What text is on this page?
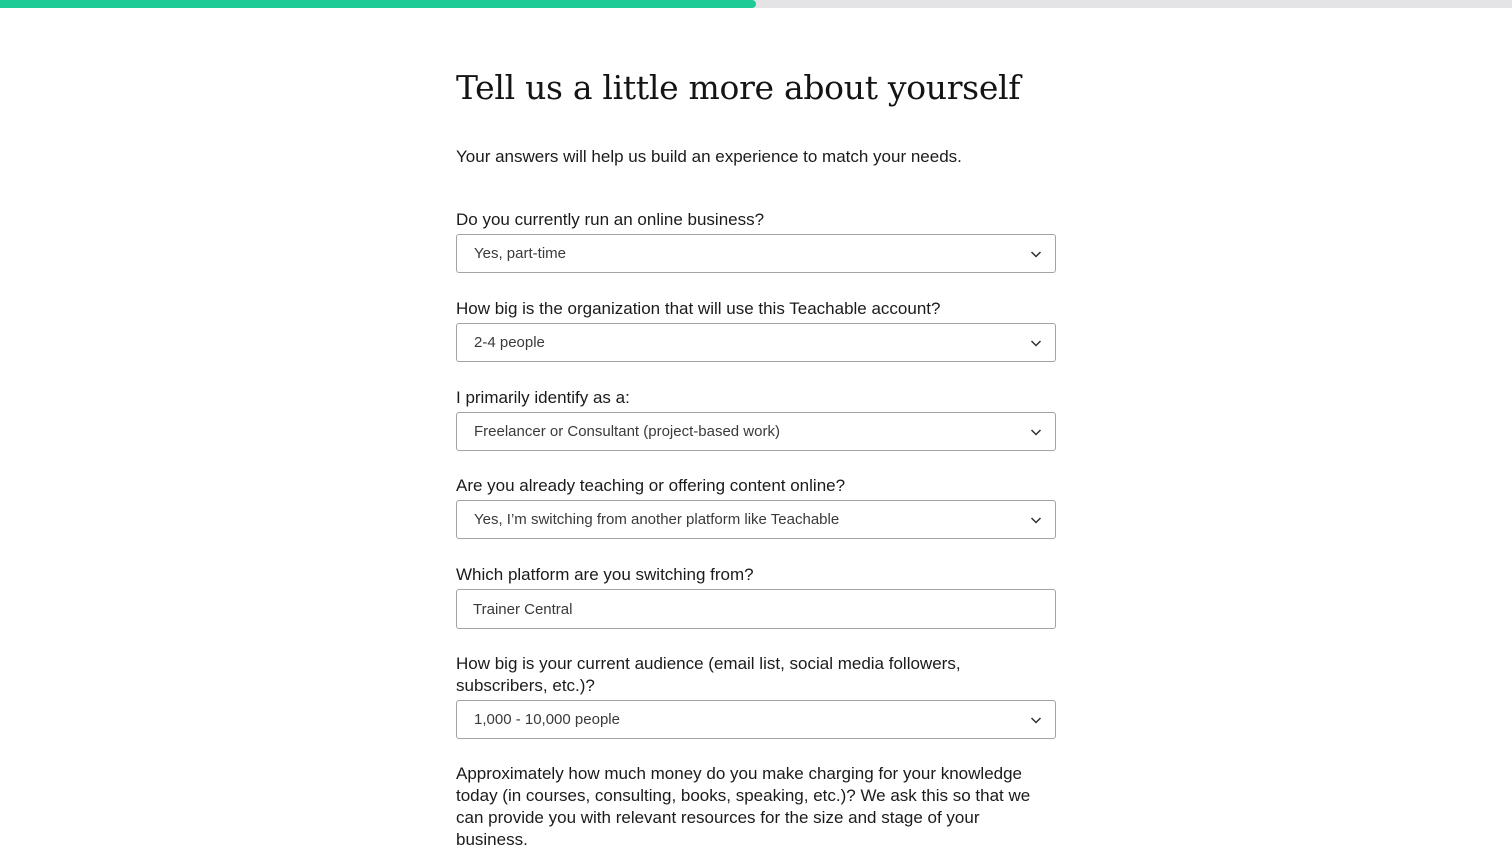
Tell us a little more about yourself

Your answers will help us build an experience to match your needs.

Do you currently run an online business?

Yes, part-time

How big is the organization that will use this Teachable account?

2-4 people

I primarily identify as a:

Freelancer or Consultant (project-based work)

Are you already teaching or offering content online?

Yes, I’m switching from another platform like Teachable

Which platform are you switching from?

Trainer Central

How big is your current audience (email list, social media followers, subscribers, etc.)?

1,000 - 10,000 people

Approximately how much money do you make charging for your knowledge today (in courses, consulting, books, speaking, etc.)? We ask this so that we can provide you with relevant resources for the size and stage of your business.
